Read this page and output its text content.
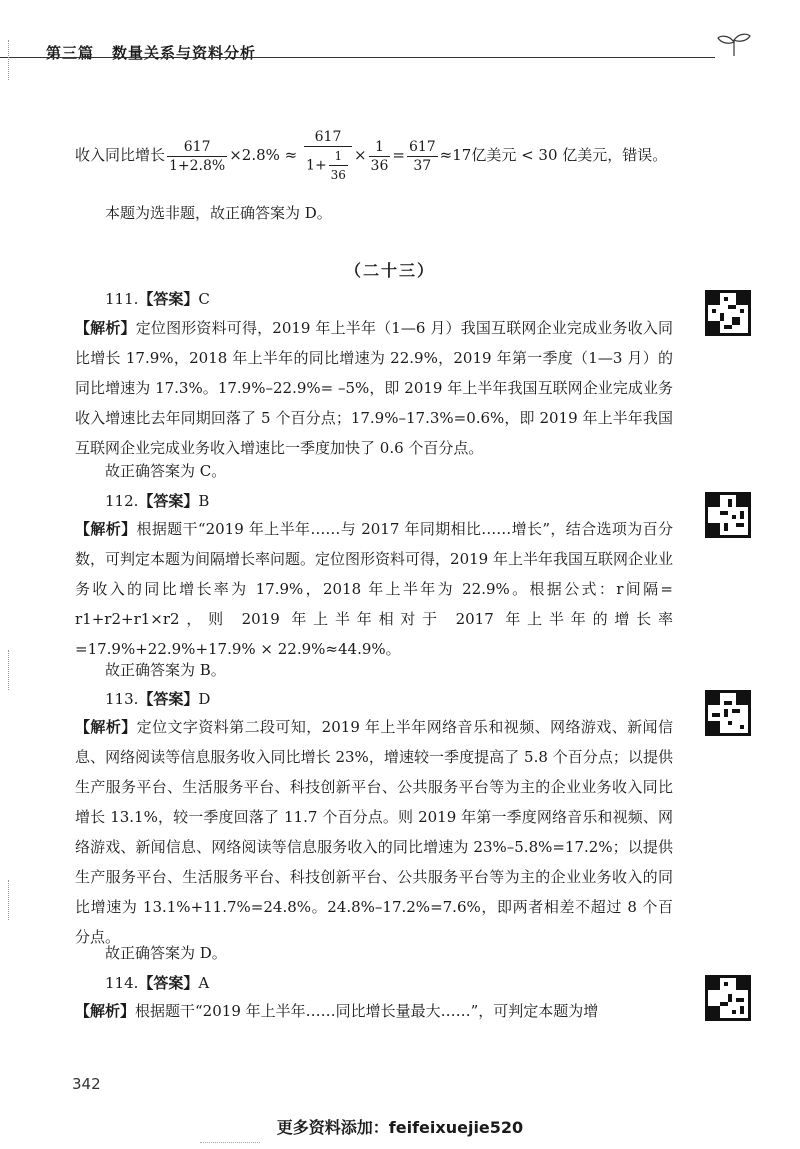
第三篇 数量关系与资料分析
收入同比增长 $\frac{617}{1+2.8\%} \times 2.8\% \approx \frac{617}{1+ \frac{1}{36}} \times \frac{1}{36} = \frac{617}{37} \approx 17$亿美元 < 30 亿美元，错误。
本题为选非题，故正确答案为 D。
（二十三）
111.【答案】C
【解析】定位图形资料可得，2019 年上半年（1—6 月）我国互联网企业完成业务收入同比增长 17.9%，2018 年上半年的同比增速为 22.9%，2019 年第一季度（1—3 月）的同比增速为 17.3%。17.9%–22.9%= –5%，即 2019 年上半年我国互联网企业完成业务收入增速比去年同期回落了 5 个百分点；17.9%–17.3%=0.6%，即 2019 年上半年我国互联网企业完成业务收入增速比一季度加快了 0.6 个百分点。
故正确答案为 C。
112.【答案】B
【解析】根据题干“2019 年上半年……与 2017 年同期相比……增长”，结合选项为百分数，可判定本题为间隔增长率问题。定位图形资料可得，2019 年上半年我国互联网企业业务收入的同比增长率为 17.9%，2018 年上半年为 22.9%。根据公式：r间隔= r1+r2+r1×r2，则 2019 年上半年相对于 2017 年上半年的增长率 =17.9%+22.9%+17.9% × 22.9%≈44.9%。
故正确答案为 B。
113.【答案】D
【解析】定位文字资料第二段可知，2019 年上半年网络音乐和视频、网络游戏、新闻信息、网络阅读等信息服务收入同比增长 23%，增速较一季度提高了 5.8 个百分点；以提供生产服务平台、生活服务平台、科技创新平台、公共服务平台等为主的企业业务收入同比增长 13.1%，较一季度回落了 11.7 个百分点。则 2019 年第一季度网络音乐和视频、网络游戏、新闻信息、网络阅读等信息服务收入的同比增速为 23%–5.8%=17.2%；以提供生产服务平台、生活服务平台、科技创新平台、公共服务平台等为主的企业业务收入的同比增速为 13.1%+11.7%=24.8%。24.8%–17.2%=7.6%，即两者相差不超过 8 个百分点。
故正确答案为 D。
114.【答案】A
【解析】根据题干“2019 年上半年……同比增长量最大……”，可判定本题为增
342
更多资料添加：feifeixuejie520
